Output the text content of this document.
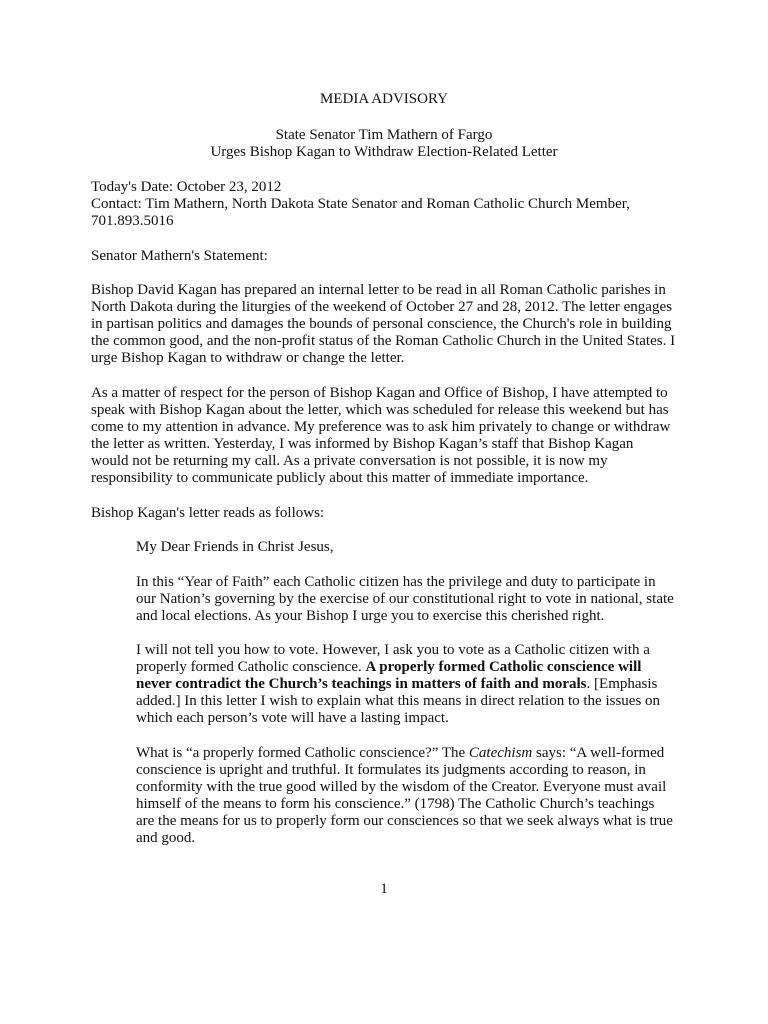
MEDIA ADVISORY

State Senator Tim Mathern of Fargo

Urges Bishop Kagan to Withdraw Election-Related Letter

Today's Date: October 23, 2012

Contact: Tim Mathern, North Dakota State Senator and Roman Catholic Church Member,

701.893.5016

Senator Mathern's Statement:

Bishop David Kagan has prepared an internal letter to be read in all Roman Catholic parishes in

North Dakota during the liturgies of the weekend of October 27 and 28, 2012. The letter engages

in partisan politics and damages the bounds of personal conscience, the Church's role in building

the common good, and the non-profit status of the Roman Catholic Church in the United States. I

urge Bishop Kagan to withdraw or change the letter.

As a matter of respect for the person of Bishop Kagan and Office of Bishop, I have attempted to

speak with Bishop Kagan about the letter, which was scheduled for release this weekend but has

come to my attention in advance. My preference was to ask him privately to change or withdraw

the letter as written. Yesterday, I was informed by Bishop Kagan’s staff that Bishop Kagan

would not be returning my call. As a private conversation is not possible, it is now my

responsibility to communicate publicly about this matter of immediate importance.

Bishop Kagan's letter reads as follows:

My Dear Friends in Christ Jesus,

In this “Year of Faith” each Catholic citizen has the privilege and duty to participate in

our Nation’s governing by the exercise of our constitutional right to vote in national, state

and local elections. As your Bishop I urge you to exercise this cherished right.

I will not tell you how to vote. However, I ask you to vote as a Catholic citizen with a

properly formed Catholic conscience. A properly formed Catholic conscience will

never contradict the Church’s teachings in matters of faith and morals. [Emphasis

added.] In this letter I wish to explain what this means in direct relation to the issues on

which each person’s vote will have a lasting impact.

What is “a properly formed Catholic conscience?” The Catechism says: “A well-formed

conscience is upright and truthful. It formulates its judgments according to reason, in

conformity with the true good willed by the wisdom of the Creator. Everyone must avail

himself of the means to form his conscience.” (1798) The Catholic Church’s teachings

are the means for us to properly form our consciences so that we seek always what is true

and good.

1
